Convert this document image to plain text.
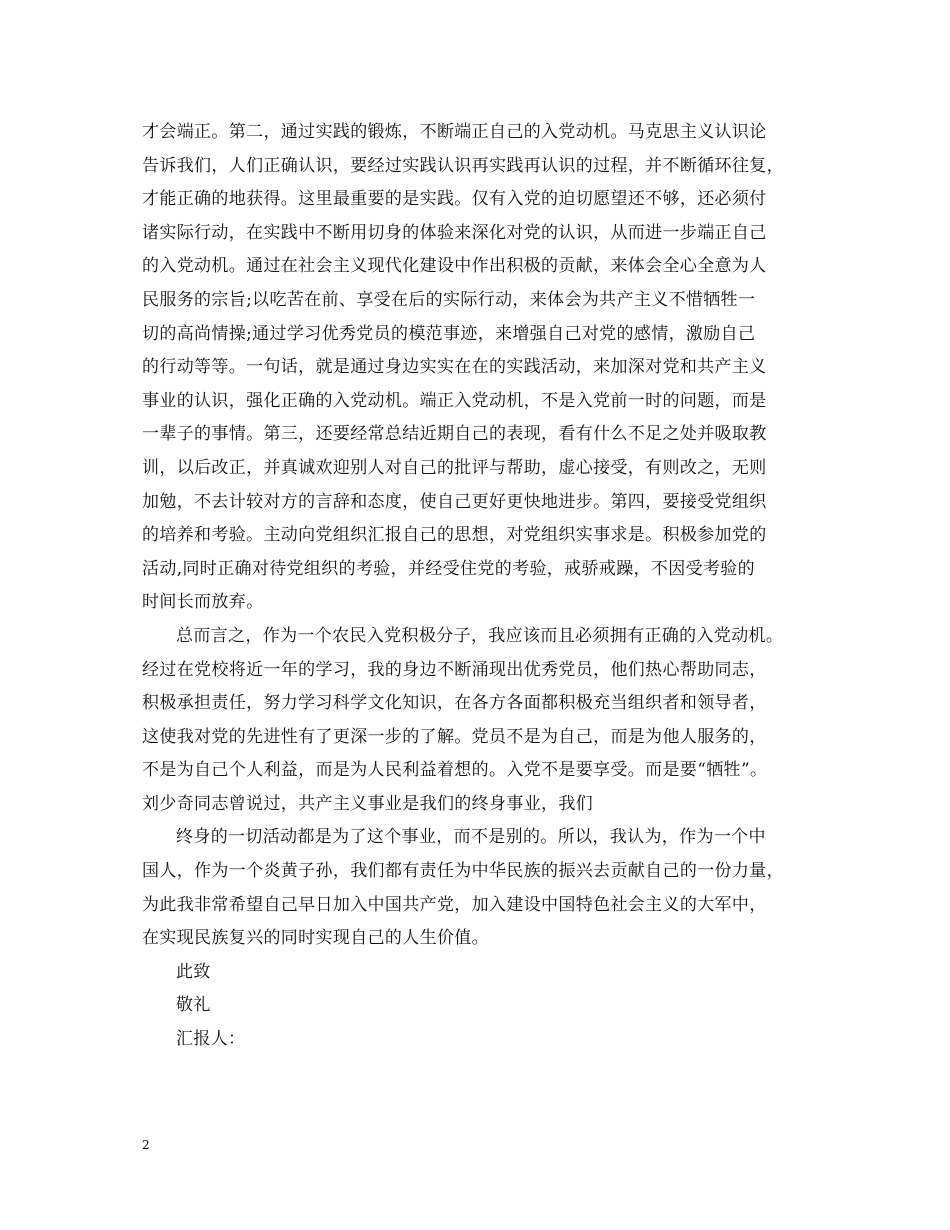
才会端正。第二，通过实践的锻炼，不断端正自己的入党动机。马克思主义认识论
告诉我们，人们正确认识，要经过实践认识再实践再认识的过程，并不断循环往复，
才能正确的地获得。这里最重要的是实践。仅有入党的迫切愿望还不够，还必须付
诸实际行动，在实践中不断用切身的体验来深化对党的认识，从而进一步端正自己
的入党动机。通过在社会主义现代化建设中作出积极的贡献，来体会全心全意为人
民服务的宗旨;以吃苦在前、享受在后的实际行动，来体会为共产主义不惜牺牲一
切的高尚情操;通过学习优秀党员的模范事迹，来增强自己对党的感情，激励自己
的行动等等。一句话，就是通过身边实实在在的实践活动，来加深对党和共产主义
事业的认识，强化正确的入党动机。端正入党动机，不是入党前一时的问题，而是
一辈子的事情。第三，还要经常总结近期自己的表现，看有什么不足之处并吸取教
训，以后改正，并真诚欢迎别人对自己的批评与帮助，虚心接受，有则改之，无则
加勉，不去计较对方的言辞和态度，使自己更好更快地进步。第四，要接受党组织
的培养和考验。主动向党组织汇报自己的思想，对党组织实事求是。积极参加党的
活动,同时正确对待党组织的考验，并经受住党的考验，戒骄戒躁，不因受考验的
时间长而放弃。
总而言之，作为一个农民入党积极分子，我应该而且必须拥有正确的入党动机。
经过在党校将近一年的学习，我的身边不断涌现出优秀党员，他们热心帮助同志，
积极承担责任，努力学习科学文化知识，在各方各面都积极充当组织者和领导者，
这使我对党的先进性有了更深一步的了解。党员不是为自己，而是为他人服务的，
不是为自己个人利益，而是为人民利益着想的。入党不是要享受。而是要“牺牲”。
刘少奇同志曾说过，共产主义事业是我们的终身事业，我们
终身的一切活动都是为了这个事业，而不是别的。所以，我认为，作为一个中
国人，作为一个炎黄子孙，我们都有责任为中华民族的振兴去贡献自己的一份力量，
为此我非常希望自己早日加入中国共产党，加入建设中国特色社会主义的大军中，
在实现民族复兴的同时实现自己的人生价值。
此致
敬礼
汇报人：
2
